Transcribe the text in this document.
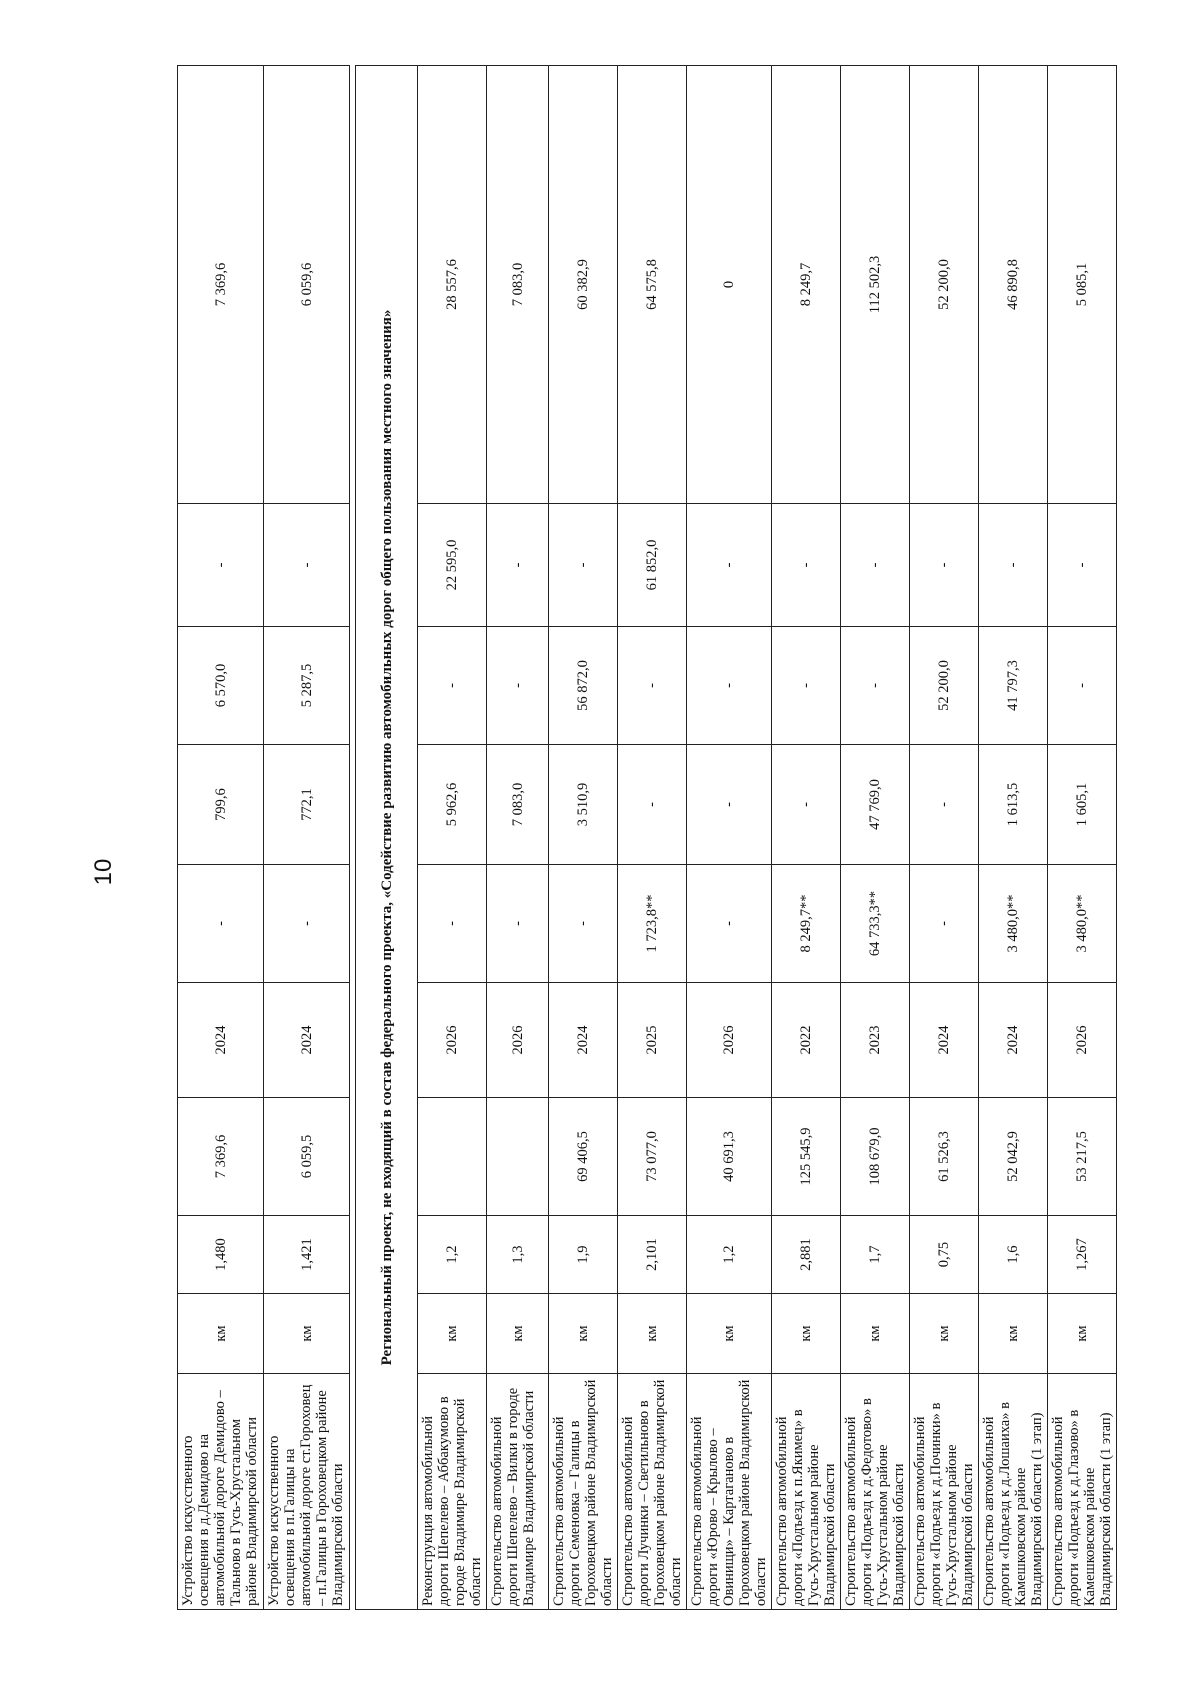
10
Устройство искусственного освещения в д.Демидово на автомобильной дороге Демидово – Тальново в Гусь-Хрустальном районе Владимирской области	км	1,480	7 369,6	2024	-	799,6	6 570,0	-	7 369,6
Устройство искусственного освещения в п.Галицы на автомобильной дороге ст.Гороховец – п.Галицы в Гороховецком районе Владимирской области	км	1,421	6 059,5	2024	-	772,1	5 287,5	-	6 059,6

Региональный проект, не входящий в состав федерального проекта, «Содействие развитию автомобильных дорог общего пользования местного значения»									
Реконструкция автомобильной дороги Шепелево – Аббакумово в городе Владимире Владимирской области	км	1,2		2026	-	5 962,6	-	22 595,0	28 557,6
Строительство автомобильной дороги Шепелево – Вилки в городе Владимире Владимирской области	км	1,3		2026	-	7 083,0	-	-	7 083,0
Строительство автомобильной дороги Семеновка – Галицы в Гороховецком районе Владимирской области	км	1,9	69 406,5	2024	-	3 510,9	56 872,0	-	60 382,9
Строительство автомобильной дороги Лучинки – Светильново в Гороховецком районе Владимирской области	км	2,101	73 077,0	2025	1 723,8**	-	-	61 852,0	64 575,8
Строительство автомобильной дороги «Юрово – Крылово – Овинищи» – Картаганово в Гороховецком районе Владимирской области	км	1,2	40 691,3	2026	-	-	-	-	0
Строительство автомобильной дороги «Подъезд к п.Якимец» в Гусь-Хрустальном районе Владимирской области	км	2,881	125 545,9	2022	8 249,7**	-	-	-	8 249,7
Строительство автомобильной дороги «Подъезд к д.Федотово» в Гусь-Хрустальном районе Владимирской области	км	1,7	108 679,0	2023	64 733,3**	47 769,0	-	-	112 502,3
Строительство автомобильной дороги «Подъезд к д.Починки» в Гусь-Хрустальном районе Владимирской области	км	0,75	61 526,3	2024	-	-	52 200,0	-	52 200,0
Строительство автомобильной дороги «Подъезд к д.Лошаиха» в Камешковском районе Владимирской области (1 этап)	км	1,6	52 042,9	2024	3 480,0**	1 613,5	41 797,3	-	46 890,8
Строительство автомобильной дороги «Подъезд к д.Глазово» в Камешковском районе Владимирской области (1 этап)	км	1,267	53 217,5	2026	3 480,0**	1 605,1	-	-	5 085,1
